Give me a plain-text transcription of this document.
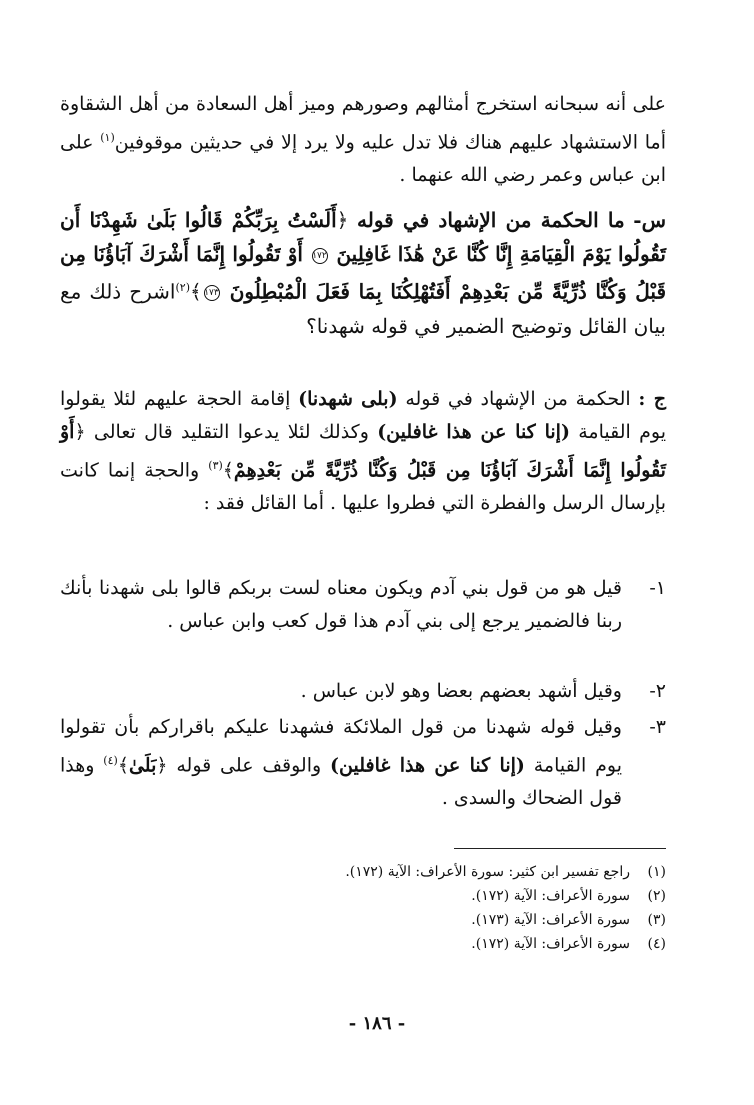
على أنه سبحانه استخرج أمثالهم وصورهم وميز أهل السعادة من أهل الشقاوة أما الاستشهاد عليهم هناك فلا تدل عليه ولا يرد إلا في حديثين موقوفين$^{(١)}$ على ابن عباس وعمر رضي الله عنهما .
س- ما الحكمة من الإشهاد في قوله ﴿أَلَسْتُ بِرَبِّكُمْ قَالُوا بَلَىٰ شَهِدْنَا أَن تَقُولُوا يَوْمَ الْقِيَامَةِ إِنَّا كُنَّا عَنْ هَٰذَا غَافِلِينَ ١٧٢ أَوْ تَقُولُوا إِنَّمَا أَشْرَكَ آبَاؤُنَا مِن قَبْلُ وَكُنَّا ذُرِّيَّةً مِّن بَعْدِهِمْ أَفَتُهْلِكُنَا بِمَا فَعَلَ الْمُبْطِلُونَ ١٧٣﴾$^{(٢)}$اشرح ذلك مع بيان القائل وتوضيح الضمير في قوله شهدنا؟
ج : الحكمة من الإشهاد في قوله (بلى شهدنا) إقامة الحجة عليهم لئلا يقولوا يوم القيامة (إنا كنا عن هذا غافلين) وكذلك لئلا يدعوا التقليد قال تعالى ﴿أَوْ تَقُولُوا إِنَّمَا أَشْرَكَ آبَاؤُنَا مِن قَبْلُ وَكُنَّا ذُرِّيَّةً مِّن بَعْدِهِمْ﴾$^{(٣)}$ والحجة إنما كانت بإرسال الرسل والفطرة التي فطروا عليها . أما القائل فقد :
١-
قيل هو من قول بني آدم ويكون معناه لست بربكم قالوا بلى شهدنا بأنك ربنا فالضمير يرجع إلى بني آدم هذا قول كعب وابن عباس .
٢-
وقيل أشهد بعضهم بعضا وهو لابن عباس .
٣-
وقيل قوله شهدنا من قول الملائكة فشهدنا عليكم باقراركم بأن تقولوا يوم القيامة (إنا كنا عن هذا غافلين) والوقف على قوله ﴿بَلَىٰ﴾$^{(٤)}$ وهذا قول الضحاك والسدى .
(١)
راجع تفسير ابن كثير: سورة الأعراف: الآية (١٧٢).
(٢)
سورة الأعراف: الآية (١٧٢).
(٣)
سورة الأعراف: الآية (١٧٣).
(٤)
سورة الأعراف: الآية (١٧٢).
- ١٨٦ -
